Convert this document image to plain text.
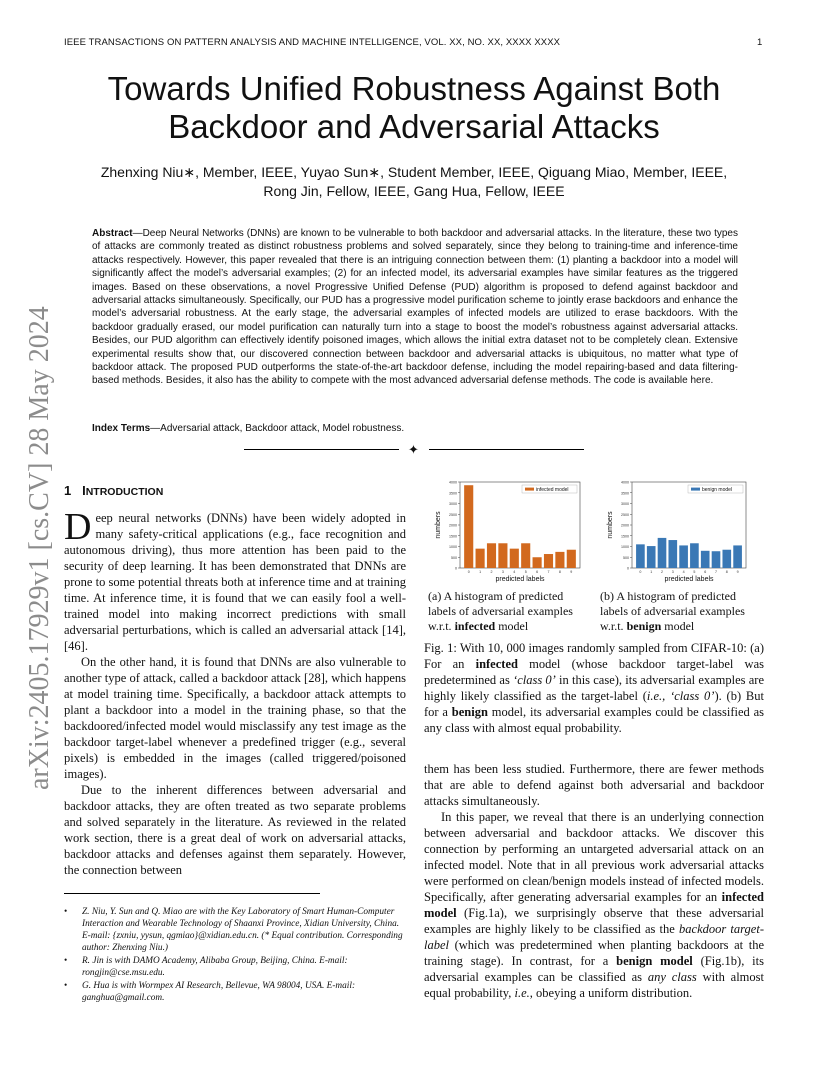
IEEE TRANSACTIONS ON PATTERN ANALYSIS AND MACHINE INTELLIGENCE, VOL. XX, NO. XX, XXXX XXXX	1
arXiv:2405.17929v1 [cs.CV] 28 May 2024
Towards Unified Robustness Against Both Backdoor and Adversarial Attacks
Zhenxing Niu∗, Member, IEEE, Yuyao Sun∗, Student Member, IEEE, Qiguang Miao, Member, IEEE,
Rong Jin, Fellow, IEEE, Gang Hua, Fellow, IEEE
Abstract—Deep Neural Networks (DNNs) are known to be vulnerable to both backdoor and adversarial attacks. In the literature, these two types of attacks are commonly treated as distinct robustness problems and solved separately, since they belong to training-time and inference-time attacks respectively. However, this paper revealed that there is an intriguing connection between them: (1) planting a backdoor into a model will significantly affect the model’s adversarial examples; (2) for an infected model, its adversarial examples have similar features as the triggered images. Based on these observations, a novel Progressive Unified Defense (PUD) algorithm is proposed to defend against backdoor and adversarial attacks simultaneously. Specifically, our PUD has a progressive model purification scheme to jointly erase backdoors and enhance the model’s adversarial robustness. At the early stage, the adversarial examples of infected models are utilized to erase backdoors. With the backdoor gradually erased, our model purification can naturally turn into a stage to boost the model’s robustness against adversarial attacks. Besides, our PUD algorithm can effectively identify poisoned images, which allows the initial extra dataset not to be completely clean. Extensive experimental results show that, our discovered connection between backdoor and adversarial attacks is ubiquitous, no matter what type of backdoor attack. The proposed PUD outperforms the state-of-the-art backdoor defense, including the model repairing-based and data filtering-based methods. Besides, it also has the ability to compete with the most advanced adversarial defense methods. The code is available here.
Index Terms—Adversarial attack, Backdoor attack, Model robustness.
✦
1 INTRODUCTION

Deep neural networks (DNNs) have been widely adopted in many safety-critical applications (e.g., face recognition and autonomous driving), thus more attention has been paid to the security of deep learning. It has been demonstrated that DNNs are prone to some potential threats both at inference time and at training time. At inference time, it is found that we can easily fool a well-trained model into making incorrect predictions with small adversarial perturbations, which is called an adversarial attack [14], [46].

On the other hand, it is found that DNNs are also vulnerable to another type of attack, called a backdoor attack [28], which happens at model training time. Specifically, a backdoor attack attempts to plant a backdoor into a model in the training phase, so that the backdoored/infected model would misclassify any test image as the backdoor target-label whenever a predefined trigger (e.g., several pixels) is embedded in the images (called triggered/poisoned images).

Due to the inherent differences between adversarial and backdoor attacks, they are often treated as two separate problems and solved separately in the literature. As reviewed in the related work section, there is a great deal of work on adversarial attacks, backdoor attacks and defenses against them separately. However, the connection between

• Z. Niu, Y. Sun and Q. Miao are with the Key Laboratory of Smart Human-Computer Interaction and Wearable Technology of Shaanxi Province, Xidian University, China. E-mail: {zxniu, yysun, qgmiao}@xidian.edu.cn. (* Equal contribution. Corresponding author: Zhenxing Niu.)
• R. Jin is with DAMO Academy, Alibaba Group, Beijing, China. E-mail: rongjin@cse.msu.edu.
• G. Hua is with Wormpex AI Research, Bellevue, WA 98004, USA. E-mail: ganghua@gmail.com.
0
500
1000
1500
2000
2500
3000
3500
4000
0	1	2	3	4	5	6	7	8	9
infected model
predicted labels
numbers
0
500
1000
1500
2000
2500
3000
3500
4000
0 1 2 3 4 5 6 7 8 9
benign model
predicted labels
numbers
(a) A histogram of predicted labels of adversarial examples w.r.t. infected model
(b) A histogram of predicted labels of adversarial examples w.r.t. benign model
Fig. 1: With 10, 000 images randomly sampled from CIFAR-10: (a) For an infected model (whose backdoor target-label was predetermined as ‘class 0’ in this case), its adversarial examples are highly likely classified as the target-label (i.e., ‘class 0’). (b) But for a benign model, its adversarial examples could be classified as any class with almost equal probability.

them has been less studied. Furthermore, there are fewer methods that are able to defend against both adversarial and backdoor attacks simultaneously.

In this paper, we reveal that there is an underlying connection between adversarial and backdoor attacks. We discover this connection by performing an untargeted adversarial attack on an infected model. Note that in all previous work adversarial attacks were performed on clean/benign models instead of infected models. Specifically, after generating adversarial examples for an infected model (Fig.1a), we surprisingly observe that these adversarial examples are highly likely to be classified as the backdoor target-label (which was predetermined when planting backdoors at the training stage). In contrast, for a benign model (Fig.1b), its adversarial examples can be classified as any class with almost equal probability, i.e., obeying a uniform distribution.
